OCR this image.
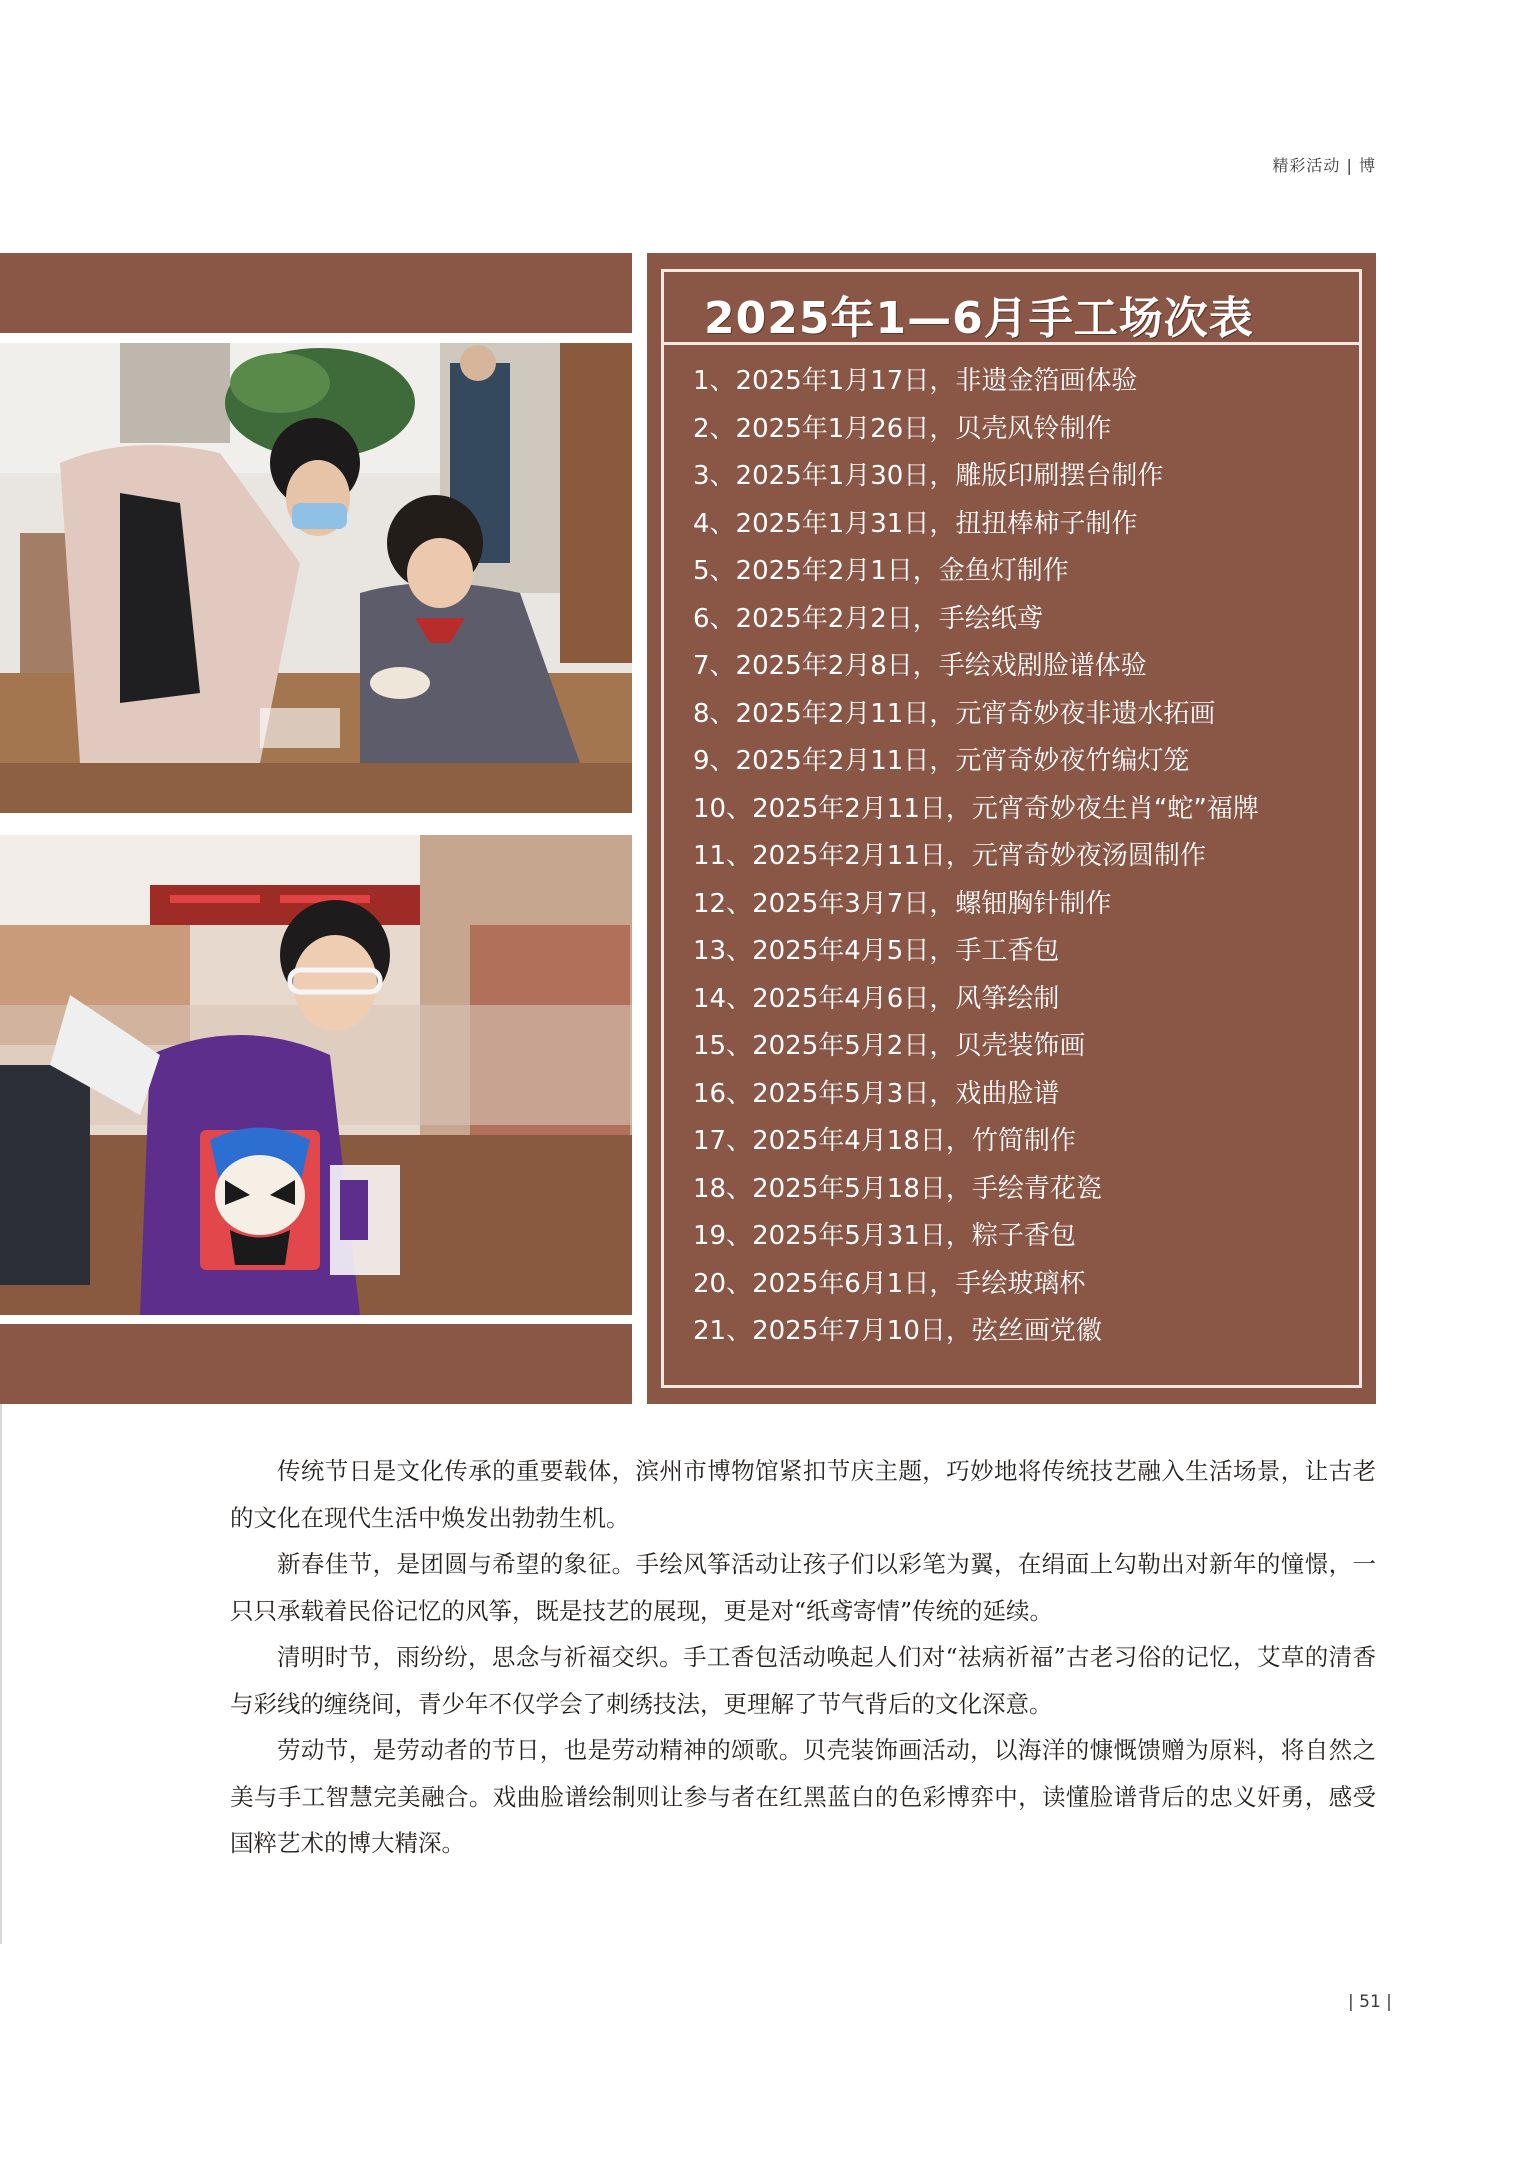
精彩活动 | 博
2025年1—6月手工场次表
1、2025年1月17日，非遗金箔画体验
2、2025年1月26日，贝壳风铃制作
3、2025年1月30日，雕版印刷摆台制作
4、2025年1月31日，扭扭棒柿子制作
5、2025年2月1日，金鱼灯制作
6、2025年2月2日，手绘纸鸢
7、2025年2月8日，手绘戏剧脸谱体验
8、2025年2月11日，元宵奇妙夜非遗水拓画
9、2025年2月11日，元宵奇妙夜竹编灯笼
10、2025年2月11日，元宵奇妙夜生肖“蛇”福牌
11、2025年2月11日，元宵奇妙夜汤圆制作
12、2025年3月7日，螺钿胸针制作
13、2025年4月5日，手工香包
14、2025年4月6日，风筝绘制
15、2025年5月2日，贝壳装饰画
16、2025年5月3日，戏曲脸谱
17、2025年4月18日，竹简制作
18、2025年5月18日，手绘青花瓷
19、2025年5月31日，粽子香包
20、2025年6月1日，手绘玻璃杯
21、2025年7月10日，弦丝画党徽

传统节日是文化传承的重要载体，滨州市博物馆紧扣节庆主题，巧妙地将传统技艺融入生活场景，让古老的文化在现代生活中焕发出勃勃生机。

新春佳节，是团圆与希望的象征。手绘风筝活动让孩子们以彩笔为翼，在绢面上勾勒出对新年的憧憬，一只只承载着民俗记忆的风筝，既是技艺的展现，更是对“纸鸢寄情”传统的延续。

清明时节，雨纷纷，思念与祈福交织。手工香包活动唤起人们对“祛病祈福”古老习俗的记忆，艾草的清香与彩线的缠绕间，青少年不仅学会了刺绣技法，更理解了节气背后的文化深意。

劳动节，是劳动者的节日，也是劳动精神的颂歌。贝壳装饰画活动，以海洋的慷慨馈赠为原料，将自然之美与手工智慧完美融合。戏曲脸谱绘制则让参与者在红黑蓝白的色彩博弈中，读懂脸谱背后的忠义奸勇，感受国粹艺术的博大精深。

| 51 |
